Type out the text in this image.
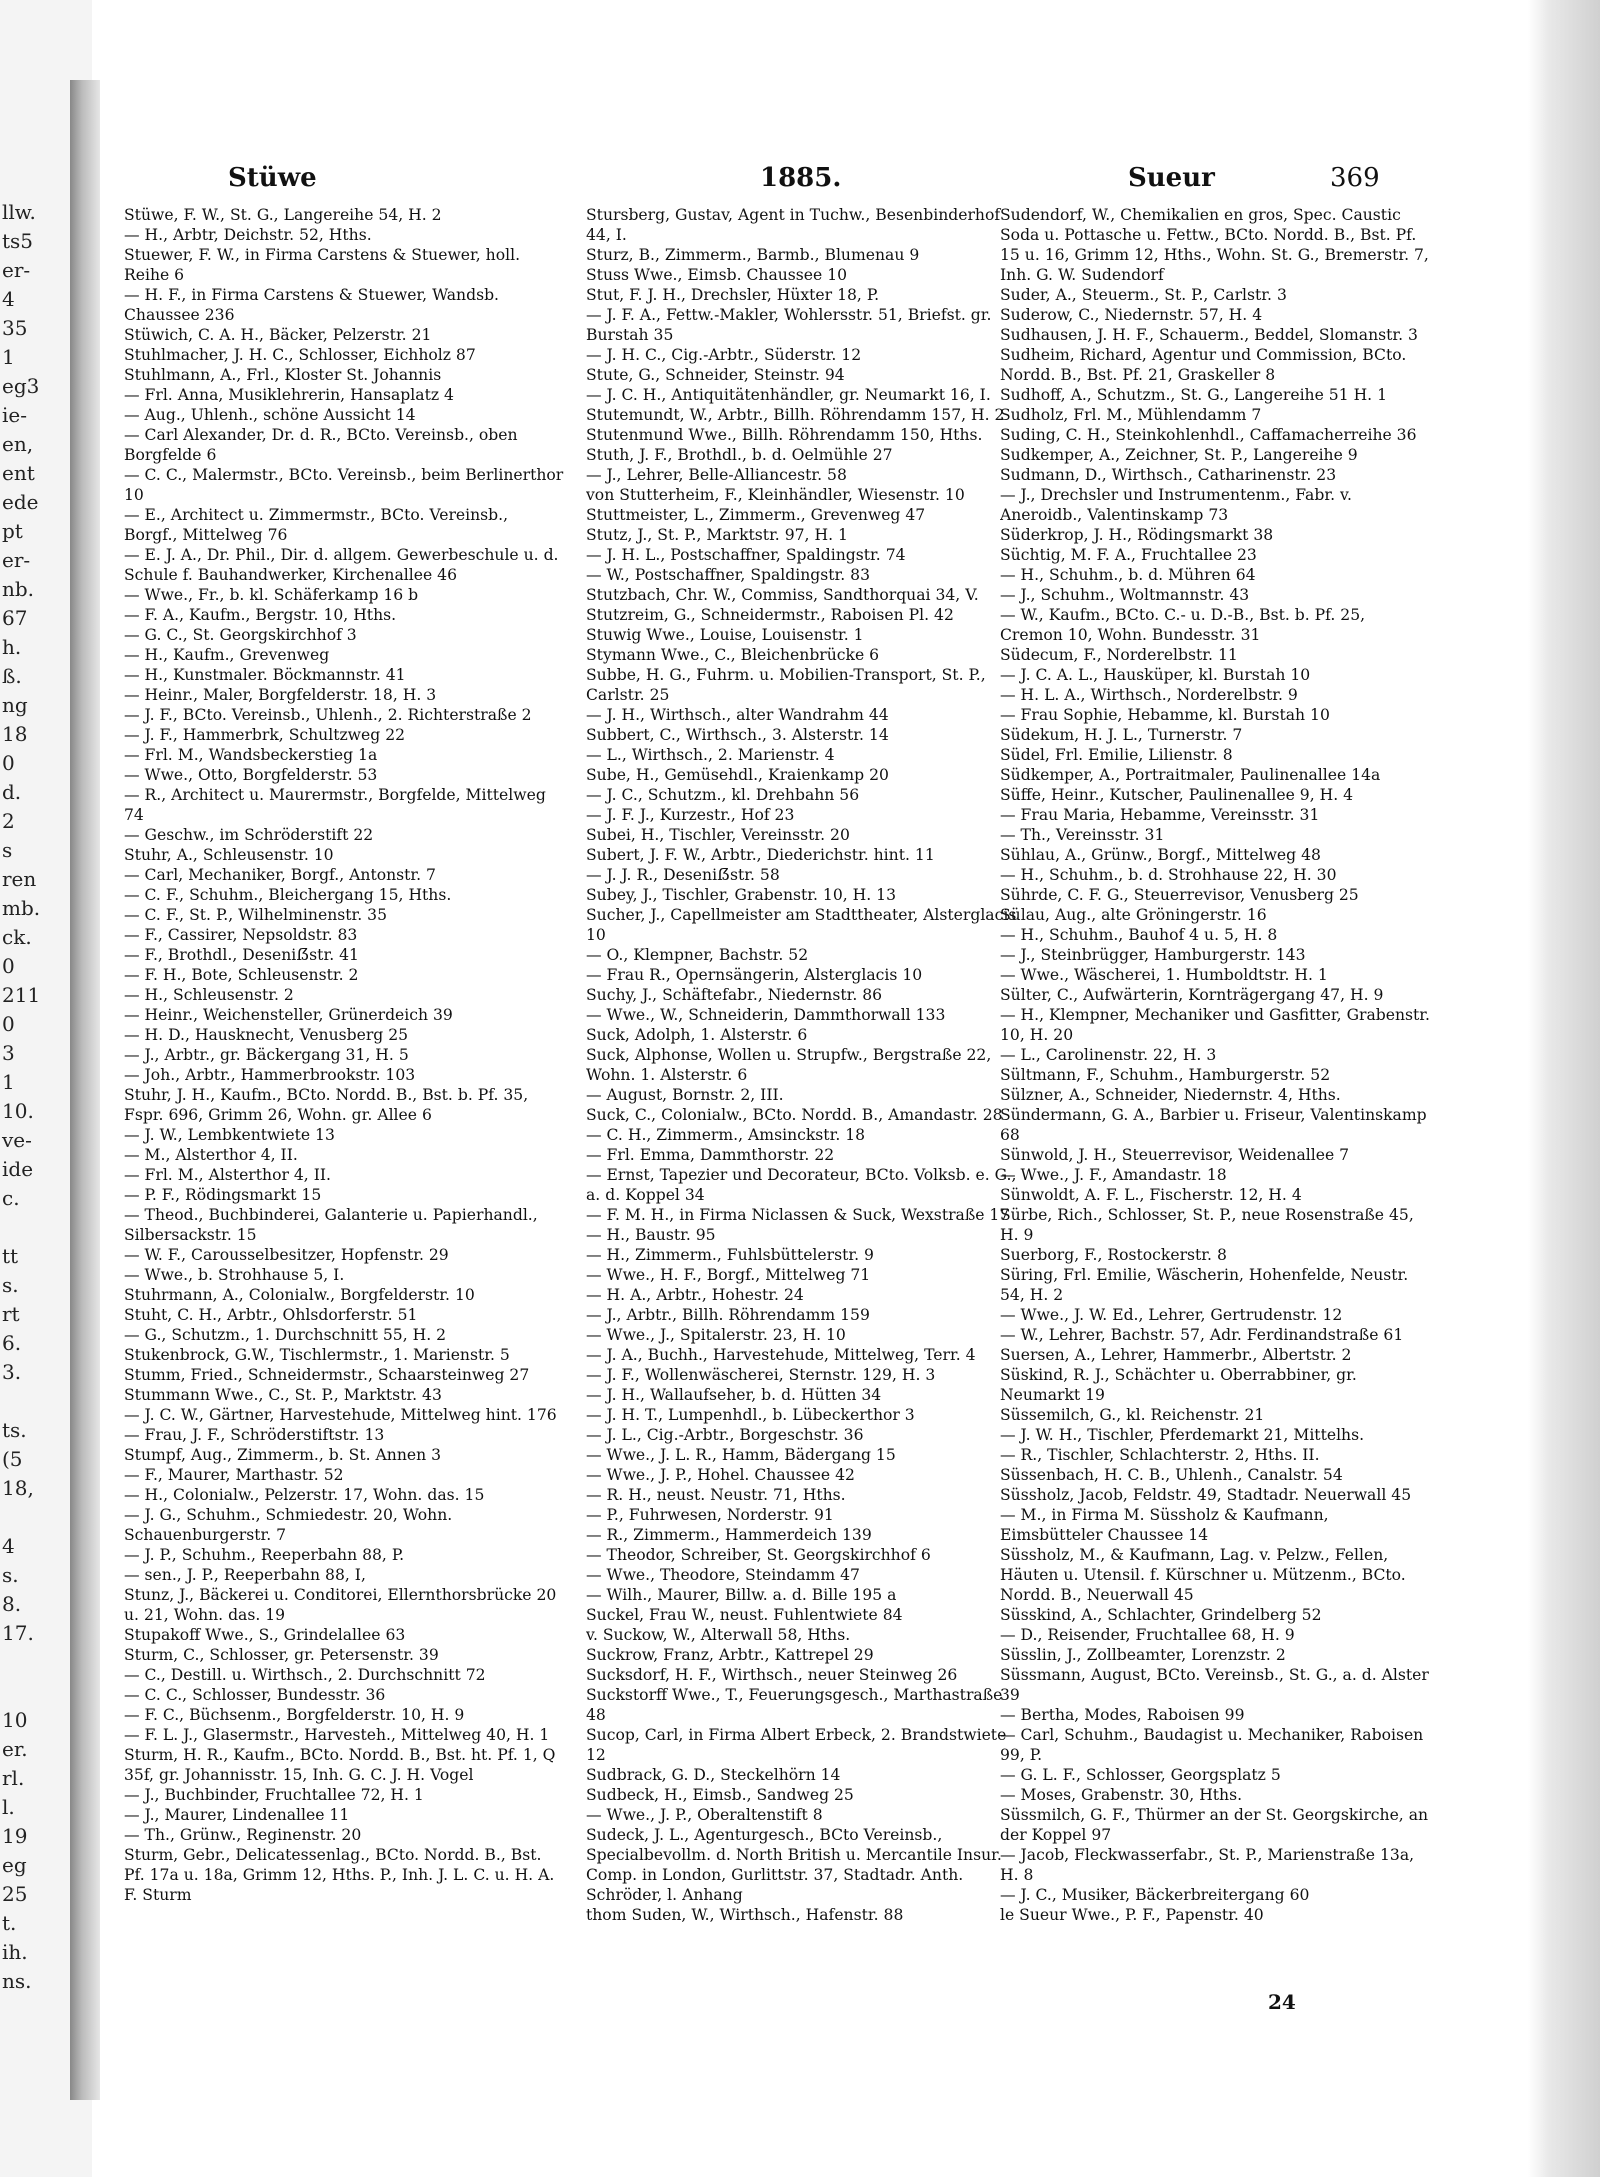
llw.
ts5
er-
4
35
1
eg3
ie-
en,
ent
ede
pt
er-
nb.
67
h.
ß.
ng
18
0
d.
2
s
ren
mb.
ck.
0
211
0
3
1
10.
ve-
ide
c.
tt
s.
rt
6.
3.
ts.
(5
18,
4
s.
8.
17.
10
er.
rl.
l.
19
eg
25
t.
ih.
ns.
Stüwe	1885.	Sueur	369
Stüwe, F. W., St. G., Langereihe 54, H. 2
— H., Arbtr, Deichstr. 52, Hths.
Stuewer, F. W., in Firma Carstens & Stuewer, holl. Reihe 6
— H. F., in Firma Carstens & Stuewer, Wandsb. Chaussee 236
Stüwich, C. A. H., Bäcker, Pelzerstr. 21
Stuhlmacher, J. H. C., Schlosser, Eichholz 87
Stuhlmann, A., Frl., Kloster St. Johannis
— Frl. Anna, Musiklehrerin, Hansaplatz 4
— Aug., Uhlenh., schöne Aussicht 14
— Carl Alexander, Dr. d. R., BCto. Vereinsb., oben Borgfelde 6
— C. C., Malermstr., BCto. Vereinsb., beim Berlinerthor 10
— E., Architect u. Zimmermstr., BCto. Vereinsb., Borgf., Mittelweg 76
— E. J. A., Dr. Phil., Dir. d. allgem. Gewerbeschule u. d. Schule f. Bauhandwerker, Kirchenallee 46
— Wwe., Fr., b. kl. Schäferkamp 16 b
— F. A., Kaufm., Bergstr. 10, Hths.
— G. C., St. Georgskirchhof 3
— H., Kaufm., Grevenweg
— H., Kunstmaler. Böckmannstr. 41
— Heinr., Maler, Borgfelderstr. 18, H. 3
— J. F., BCto. Vereinsb., Uhlenh., 2. Richterstraße 2
— J. F., Hammerbrk, Schultzweg 22
— Frl. M., Wandsbeckerstieg 1a
— Wwe., Otto, Borgfelderstr. 53
— R., Architect u. Maurermstr., Borgfelde, Mittelweg 74
— Geschw., im Schröderstift 22
Stuhr, A., Schleusenstr. 10
— Carl, Mechaniker, Borgf., Antonstr. 7
— C. F., Schuhm., Bleichergang 15, Hths.
— C. F., St. P., Wilhelminenstr. 35
— F., Cassirer, Nepsoldstr. 83
— F., Brothdl., Deseniẞstr. 41
— F. H., Bote, Schleusenstr. 2
— H., Schleusenstr. 2
— Heinr., Weichensteller, Grünerdeich 39
— H. D., Hausknecht, Venusberg 25
— J., Arbtr., gr. Bäckergang 31, H. 5
— Joh., Arbtr., Hammerbrookstr. 103
Stuhr, J. H., Kaufm., BCto. Nordd. B., Bst. b. Pf. 35, Fspr. 696, Grimm 26, Wohn. gr. Allee 6
— J. W., Lembkentwiete 13
— M., Alsterthor 4, II.
— Frl. M., Alsterthor 4, II.
— P. F., Rödingsmarkt 15
— Theod., Buchbinderei, Galanterie u. Papierhandl., Silbersackstr. 15
— W. F., Carousselbesitzer, Hopfenstr. 29
— Wwe., b. Strohhause 5, I.
Stuhrmann, A., Colonialw., Borgfelderstr. 10
Stuht, C. H., Arbtr., Ohlsdorferstr. 51
— G., Schutzm., 1. Durchschnitt 55, H. 2
Stukenbrock, G.W., Tischlermstr., 1. Marienstr. 5
Stumm, Fried., Schneidermstr., Schaarsteinweg 27
Stummann Wwe., C., St. P., Marktstr. 43
— J. C. W., Gärtner, Harvestehude, Mittelweg hint. 176
— Frau, J. F., Schröderstiftstr. 13
Stumpf, Aug., Zimmerm., b. St. Annen 3
— F., Maurer, Marthastr. 52
— H., Colonialw., Pelzerstr. 17, Wohn. das. 15
— J. G., Schuhm., Schmiedestr. 20, Wohn. Schauenburgerstr. 7
— J. P., Schuhm., Reeperbahn 88, P.
— sen., J. P., Reeperbahn 88, I,
Stunz, J., Bäckerei u. Conditorei, Ellernthorsbrücke 20 u. 21, Wohn. das. 19
Stupakoff Wwe., S., Grindelallee 63
Sturm, C., Schlosser, gr. Petersenstr. 39
— C., Destill. u. Wirthsch., 2. Durchschnitt 72
— C. C., Schlosser, Bundesstr. 36
— F. C., Büchsenm., Borgfelderstr. 10, H. 9
— F. L. J., Glasermstr., Harvesteh., Mittelweg 40, H. 1
Sturm, H. R., Kaufm., BCto. Nordd. B., Bst. ht. Pf. 1, Q 35f, gr. Johannisstr. 15, Inh. G. C. J. H. Vogel
— J., Buchbinder, Fruchtallee 72, H. 1
— J., Maurer, Lindenallee 11
— Th., Grünw., Reginenstr. 20
Sturm, Gebr., Delicatessenlag., BCto. Nordd. B., Bst. Pf. 17a u. 18a, Grimm 12, Hths. P., Inh. J. L. C. u. H. A. F. Sturm
Stursberg, Gustav, Agent in Tuchw., Besenbinderhof 44, I.
Sturz, B., Zimmerm., Barmb., Blumenau 9
Stuss Wwe., Eimsb. Chaussee 10
Stut, F. J. H., Drechsler, Hüxter 18, P.
— J. F. A., Fettw.-Makler, Wohlersstr. 51, Briefst. gr. Burstah 35
— J. H. C., Cig.-Arbtr., Süderstr. 12
Stute, G., Schneider, Steinstr. 94
— J. C. H., Antiquitätenhändler, gr. Neumarkt 16, I.
Stutemundt, W., Arbtr., Billh. Röhrendamm 157, H. 2
Stutenmund Wwe., Billh. Röhrendamm 150, Hths.
Stuth, J. F., Brothdl., b. d. Oelmühle 27
— J., Lehrer, Belle-Alliancestr. 58
von Stutterheim, F., Kleinhändler, Wiesenstr. 10
Stuttmeister, L., Zimmerm., Grevenweg 47
Stutz, J., St. P., Marktstr. 97, H. 1
— J. H. L., Postschaffner, Spaldingstr. 74
— W., Postschaffner, Spaldingstr. 83
Stutzbach, Chr. W., Commiss, Sandthorquai 34, V.
Stutzreim, G., Schneidermstr., Raboisen Pl. 42
Stuwig Wwe., Louise, Louisenstr. 1
Stymann Wwe., C., Bleichenbrücke 6
Subbe, H. G., Fuhrm. u. Mobilien-Transport, St. P., Carlstr. 25
— J. H., Wirthsch., alter Wandrahm 44
Subbert, C., Wirthsch., 3. Alsterstr. 14
— L., Wirthsch., 2. Marienstr. 4
Sube, H., Gemüsehdl., Kraienkamp 20
— J. C., Schutzm., kl. Drehbahn 56
— J. F. J., Kurzestr., Hof 23
Subei, H., Tischler, Vereinsstr. 20
Subert, J. F. W., Arbtr., Diederichstr. hint. 11
— J. J. R., Deseniẞstr. 58
Subey, J., Tischler, Grabenstr. 10, H. 13
Sucher, J., Capellmeister am Stadttheater, Alsterglacis 10
— O., Klempner, Bachstr. 52
— Frau R., Opernsängerin, Alsterglacis 10
Suchy, J., Schäftefabr., Niedernstr. 86
— Wwe., W., Schneiderin, Dammthorwall 133
Suck, Adolph, 1. Alsterstr. 6
Suck, Alphonse, Wollen u. Strupfw., Bergstraße 22, Wohn. 1. Alsterstr. 6
— August, Bornstr. 2, III.
Suck, C., Colonialw., BCto. Nordd. B., Amandastr. 28
— C. H., Zimmerm., Amsinckstr. 18
— Frl. Emma, Dammthorstr. 22
— Ernst, Tapezier und Decorateur, BCto. Volksb. e. G., a. d. Koppel 34
— F. M. H., in Firma Niclassen & Suck, Wexstraße 17
— H., Baustr. 95
— H., Zimmerm., Fuhlsbüttelerstr. 9
— Wwe., H. F., Borgf., Mittelweg 71
— H. A., Arbtr., Hohestr. 24
— J., Arbtr., Billh. Röhrendamm 159
— Wwe., J., Spitalerstr. 23, H. 10
— J. A., Buchh., Harvestehude, Mittelweg, Terr. 4
— J. F., Wollenwäscherei, Sternstr. 129, H. 3
— J. H., Wallaufseher, b. d. Hütten 34
— J. H. T., Lumpenhdl., b. Lübeckerthor 3
— J. L., Cig.-Arbtr., Borgeschstr. 36
— Wwe., J. L. R., Hamm, Bädergang 15
— Wwe., J. P., Hohel. Chaussee 42
— R. H., neust. Neustr. 71, Hths.
— P., Fuhrwesen, Norderstr. 91
— R., Zimmerm., Hammerdeich 139
— Theodor, Schreiber, St. Georgskirchhof 6
— Wwe., Theodore, Steindamm 47
— Wilh., Maurer, Billw. a. d. Bille 195 a
Suckel, Frau W., neust. Fuhlentwiete 84
v. Suckow, W., Alterwall 58, Hths.
Suckrow, Franz, Arbtr., Kattrepel 29
Sucksdorf, H. F., Wirthsch., neuer Steinweg 26
Suckstorff Wwe., T., Feuerungsgesch., Marthastraße 48
Sucop, Carl, in Firma Albert Erbeck, 2. Brandstwiete 12
Sudbrack, G. D., Steckelhörn 14
Sudbeck, H., Eimsb., Sandweg 25
— Wwe., J. P., Oberaltenstift 8
Sudeck, J. L., Agenturgesch., BCto Vereinsb., Specialbevollm. d. North British u. Mercantile Insur. Comp. in London, Gurlittstr. 37, Stadtadr. Anth. Schröder, l. Anhang
thom Suden, W., Wirthsch., Hafenstr. 88
Sudendorf, W., Chemikalien en gros, Spec. Caustic Soda u. Pottasche u. Fettw., BCto. Nordd. B., Bst. Pf. 15 u. 16, Grimm 12, Hths., Wohn. St. G., Bremerstr. 7, Inh. G. W. Sudendorf
Suder, A., Steuerm., St. P., Carlstr. 3
Suderow, C., Niedernstr. 57, H. 4
Sudhausen, J. H. F., Schauerm., Beddel, Slomanstr. 3
Sudheim, Richard, Agentur und Commission, BCto. Nordd. B., Bst. Pf. 21, Graskeller 8
Sudhoff, A., Schutzm., St. G., Langereihe 51 H. 1
Sudholz, Frl. M., Mühlendamm 7
Suding, C. H., Steinkohlenhdl., Caffamacherreihe 36
Sudkemper, A., Zeichner, St. P., Langereihe 9
Sudmann, D., Wirthsch., Catharinenstr. 23
— J., Drechsler und Instrumentenm., Fabr. v. Aneroidb., Valentinskamp 73
Süderkrop, J. H., Rödingsmarkt 38
Süchtig, M. F. A., Fruchtallee 23
— H., Schuhm., b. d. Mühren 64
— J., Schuhm., Woltmannstr. 43
— W., Kaufm., BCto. C.- u. D.-B., Bst. b. Pf. 25, Cremon 10, Wohn. Bundesstr. 31
Südecum, F., Norderelbstr. 11
— J. C. A. L., Hausküper, kl. Burstah 10
— H. L. A., Wirthsch., Norderelbstr. 9
— Frau Sophie, Hebamme, kl. Burstah 10
Südekum, H. J. L., Turnerstr. 7
Südel, Frl. Emilie, Lilienstr. 8
Südkemper, A., Portraitmaler, Paulinenallee 14a
Süffe, Heinr., Kutscher, Paulinenallee 9, H. 4
— Frau Maria, Hebamme, Vereinsstr. 31
— Th., Vereinsstr. 31
Sühlau, A., Grünw., Borgf., Mittelweg 48
— H., Schuhm., b. d. Strohhause 22, H. 30
Sührde, C. F. G., Steuerrevisor, Venusberg 25
Sülau, Aug., alte Gröningerstr. 16
— H., Schuhm., Bauhof 4 u. 5, H. 8
— J., Steinbrügger, Hamburgerstr. 143
— Wwe., Wäscherei, 1. Humboldtstr. H. 1
Sülter, C., Aufwärterin, Kornträgergang 47, H. 9
— H., Klempner, Mechaniker und Gasfitter, Grabenstr. 10, H. 20
— L., Carolinenstr. 22, H. 3
Sültmann, F., Schuhm., Hamburgerstr. 52
Sülzner, A., Schneider, Niedernstr. 4, Hths.
Sündermann, G. A., Barbier u. Friseur, Valentinskamp 68
Sünwold, J. H., Steuerrevisor, Weidenallee 7
— Wwe., J. F., Amandastr. 18
Sünwoldt, A. F. L., Fischerstr. 12, H. 4
Sürbe, Rich., Schlosser, St. P., neue Rosenstraße 45, H. 9
Suerborg, F., Rostockerstr. 8
Süring, Frl. Emilie, Wäscherin, Hohenfelde, Neustr. 54, H. 2
— Wwe., J. W. Ed., Lehrer, Gertrudenstr. 12
— W., Lehrer, Bachstr. 57, Adr. Ferdinandstraße 61
Suersen, A., Lehrer, Hammerbr., Albertstr. 2
Süskind, R. J., Schächter u. Oberrabbiner, gr. Neumarkt 19
Süssemilch, G., kl. Reichenstr. 21
— J. W. H., Tischler, Pferdemarkt 21, Mittelhs.
— R., Tischler, Schlachterstr. 2, Hths. II.
Süssenbach, H. C. B., Uhlenh., Canalstr. 54
Süssholz, Jacob, Feldstr. 49, Stadtadr. Neuerwall 45
— M., in Firma M. Süssholz & Kaufmann, Eimsbütteler Chaussee 14
Süssholz, M., & Kaufmann, Lag. v. Pelzw., Fellen, Häuten u. Utensil. f. Kürschner u. Mützenm., BCto. Nordd. B., Neuerwall 45
Süsskind, A., Schlachter, Grindelberg 52
— D., Reisender, Fruchtallee 68, H. 9
Süsslin, J., Zollbeamter, Lorenzstr. 2
Süssmann, August, BCto. Vereinsb., St. G., a. d. Alster 39
— Bertha, Modes, Raboisen 99
— Carl, Schuhm., Baudagist u. Mechaniker, Raboisen 99, P.
— G. L. F., Schlosser, Georgsplatz 5
— Moses, Grabenstr. 30, Hths.
Süssmilch, G. F., Thürmer an der St. Georgskirche, an der Koppel 97
— Jacob, Fleckwasserfabr., St. P., Marienstraße 13a, H. 8
— J. C., Musiker, Bäckerbreitergang 60
le Sueur Wwe., P. F., Papenstr. 40
24
